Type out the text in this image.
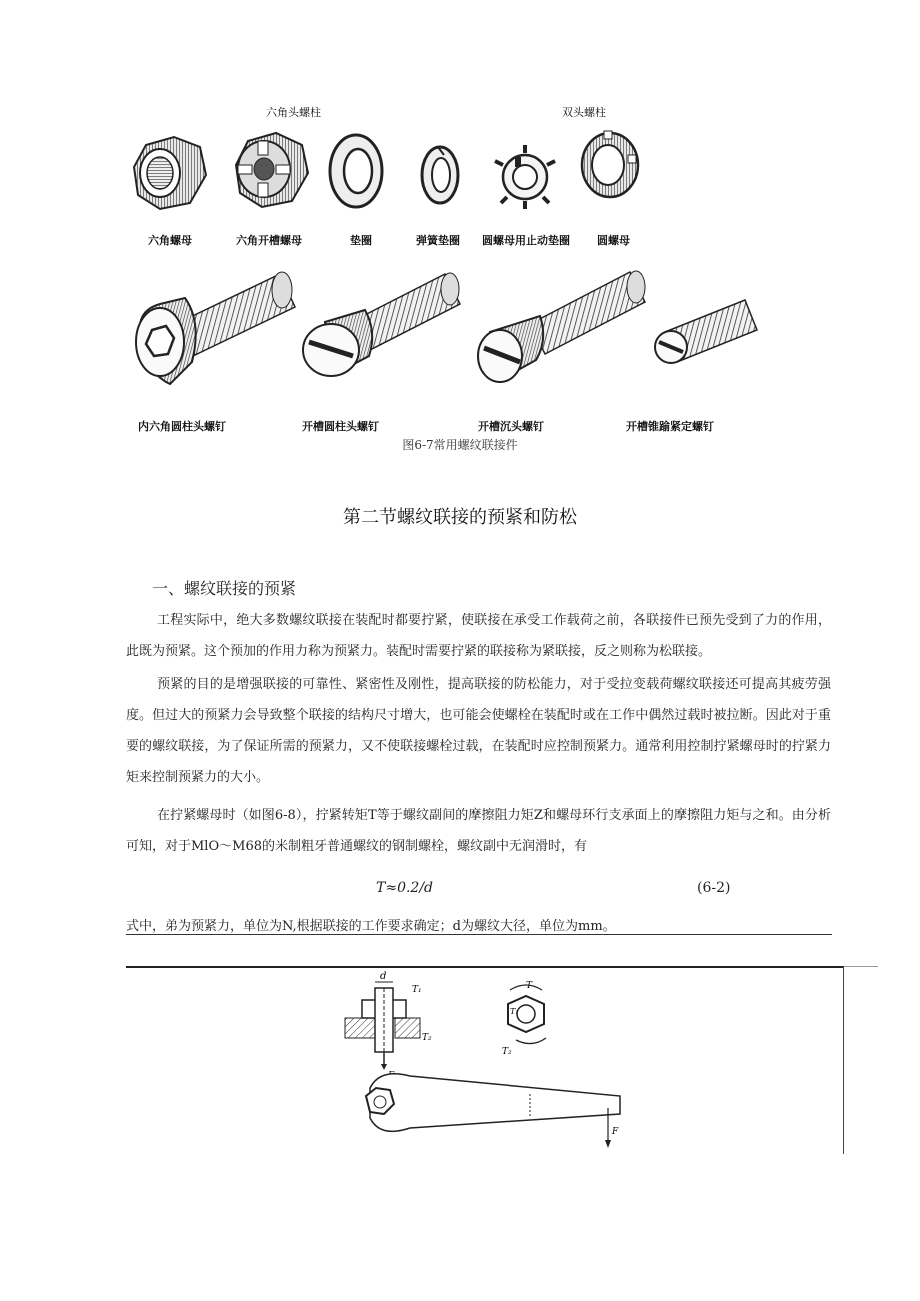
六角头螺柱	双头螺柱
六角螺母	六角开槽螺母	垫圈	弹簧垫圈 圆螺母用止动垫圈 圆螺母
内六角圆柱头螺钉	开槽圆柱头螺钉	开槽沉头螺钉	开槽锥踰紧定螺钉
图6-7常用螺纹联接件
第二节螺纹联接的预紧和防松
一、螺纹联接的预紧

工程实际中，绝大多数螺纹联接在装配时都要拧紧，使联接在承受工作载荷之前，各联接件已预先受到了力的作用，此既为预紧。这个预加的作用力称为预紧力。装配时需要拧紧的联接称为紧联接，反之则称为松联接。

预紧的目的是增强联接的可靠性、紧密性及刚性，提高联接的防松能力，对于受拉变载荷螺纹联接还可提高其疲劳强度。但过大的预紧力会导致整个联接的结构尺寸增大，也可能会使螺栓在装配时或在工作中偶然过载时被拉断。因此对于重要的螺纹联接，为了保证所需的预紧力，又不使联接螺栓过载，在装配时应控制预紧力。通常利用控制拧紧螺母时的拧紧力矩来控制预紧力的大小。

在拧紧螺母时（如图6-8），拧紧转矩T等于螺纹副间的摩擦阻力矩Z和螺母环行支承面上的摩擦阻力矩与之和。由分析可知，对于MlO～M68的米制粗牙普通螺纹的钢制螺栓，螺纹副中无润滑时，有

T≈0.2/d	(6-2)
式中，弟为预紧力，单位为N,根据联接的工作要求确定；d为螺纹大径，单位为mm。
d
T₁
T₂
T
T₁
T₂
F
